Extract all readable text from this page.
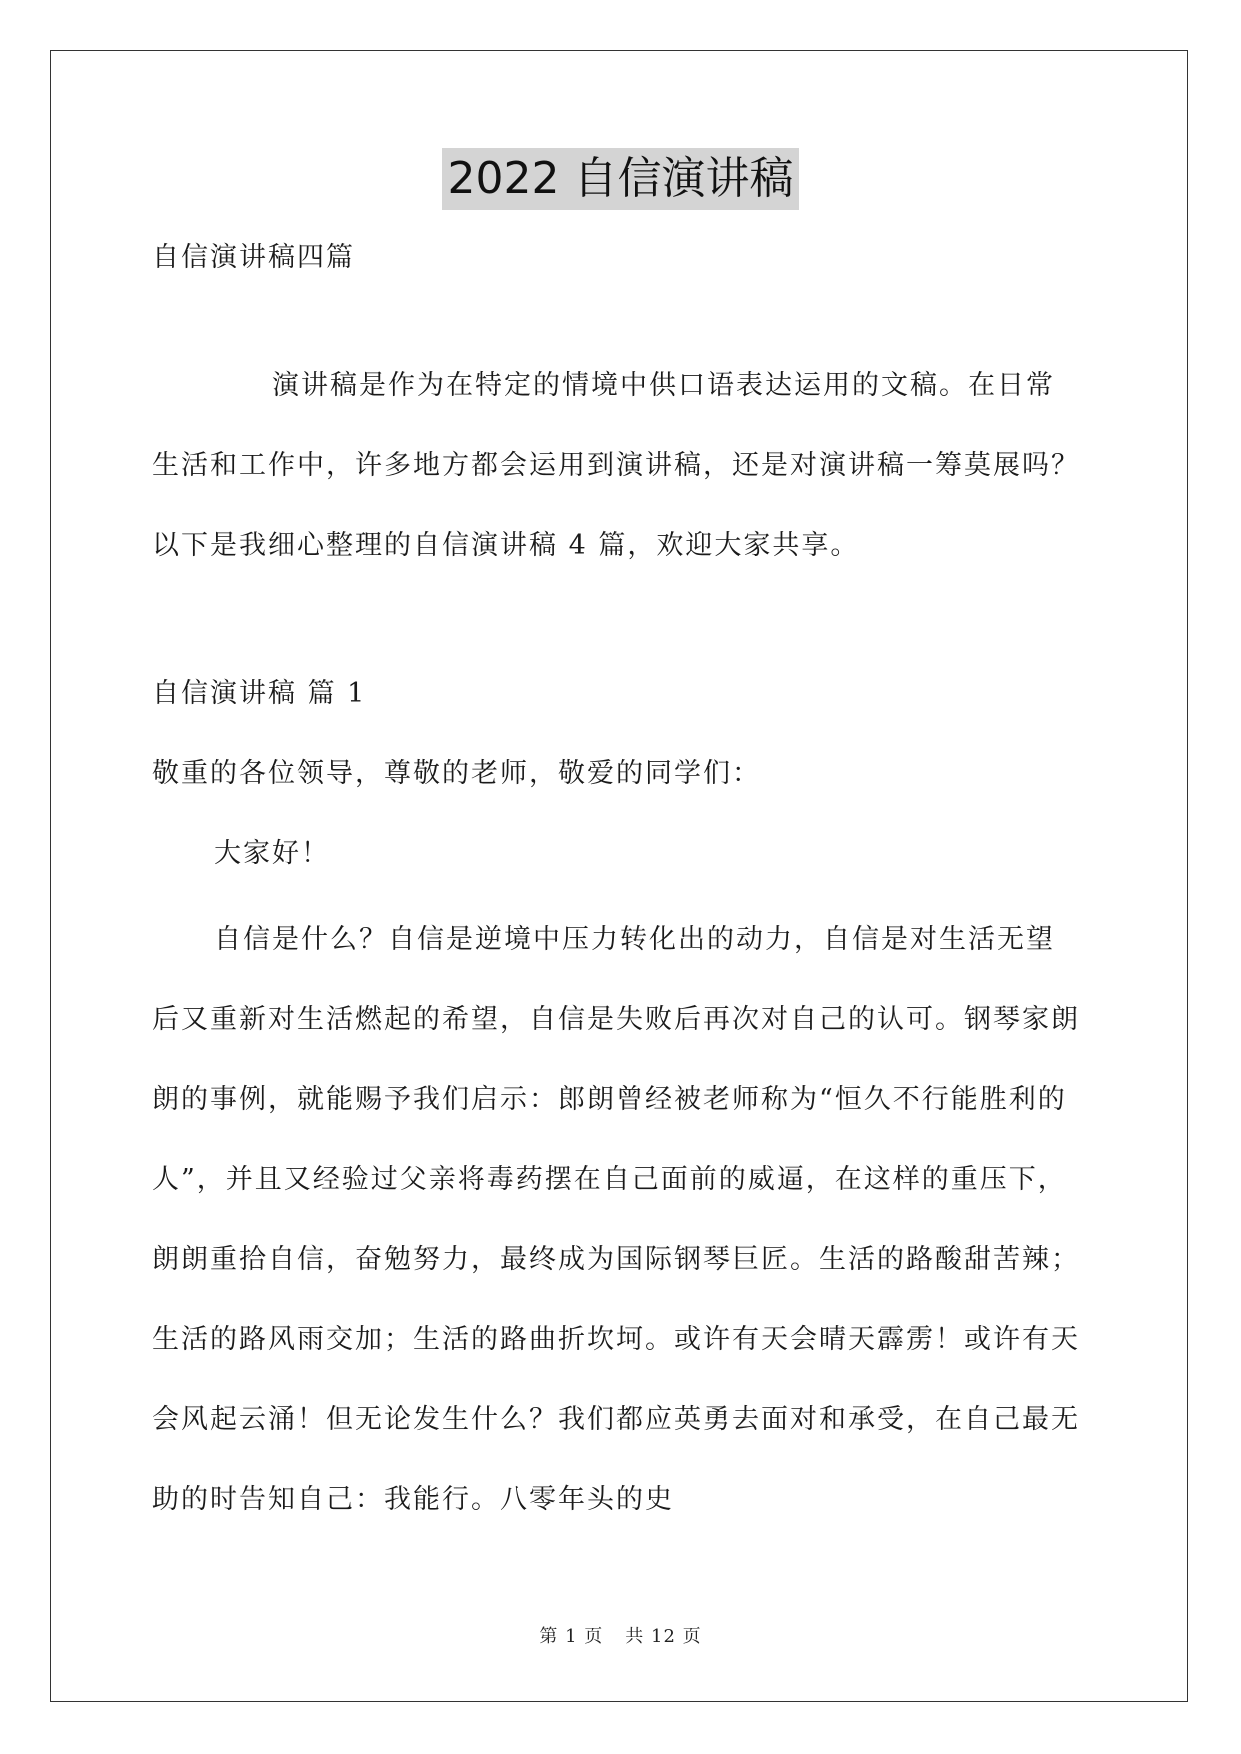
2022 自信演讲稿
自信演讲稿四篇
演讲稿是作为在特定的情境中供口语表达运用的文稿。在日常生活和工作中，许多地方都会运用到演讲稿，还是对演讲稿一筹莫展吗？以下是我细心整理的自信演讲稿 4 篇，欢迎大家共享。
自信演讲稿 篇 1
敬重的各位领导，尊敬的老师，敬爱的同学们：
大家好！
自信是什么？自信是逆境中压力转化出的动力，自信是对生活无望后又重新对生活燃起的希望，自信是失败后再次对自己的认可。钢琴家朗朗的事例，就能赐予我们启示：郎朗曾经被老师称为“恒久不行能胜利的人”，并且又经验过父亲将毒药摆在自己面前的威逼，在这样的重压下，朗朗重拾自信，奋勉努力，最终成为国际钢琴巨匠。生活的路酸甜苦辣；生活的路风雨交加；生活的路曲折坎坷。或许有天会晴天霹雳！或许有天会风起云涌！但无论发生什么？我们都应英勇去面对和承受，在自己最无助的时告知自己：我能行。八零年头的史
第 1 页 共 12 页
